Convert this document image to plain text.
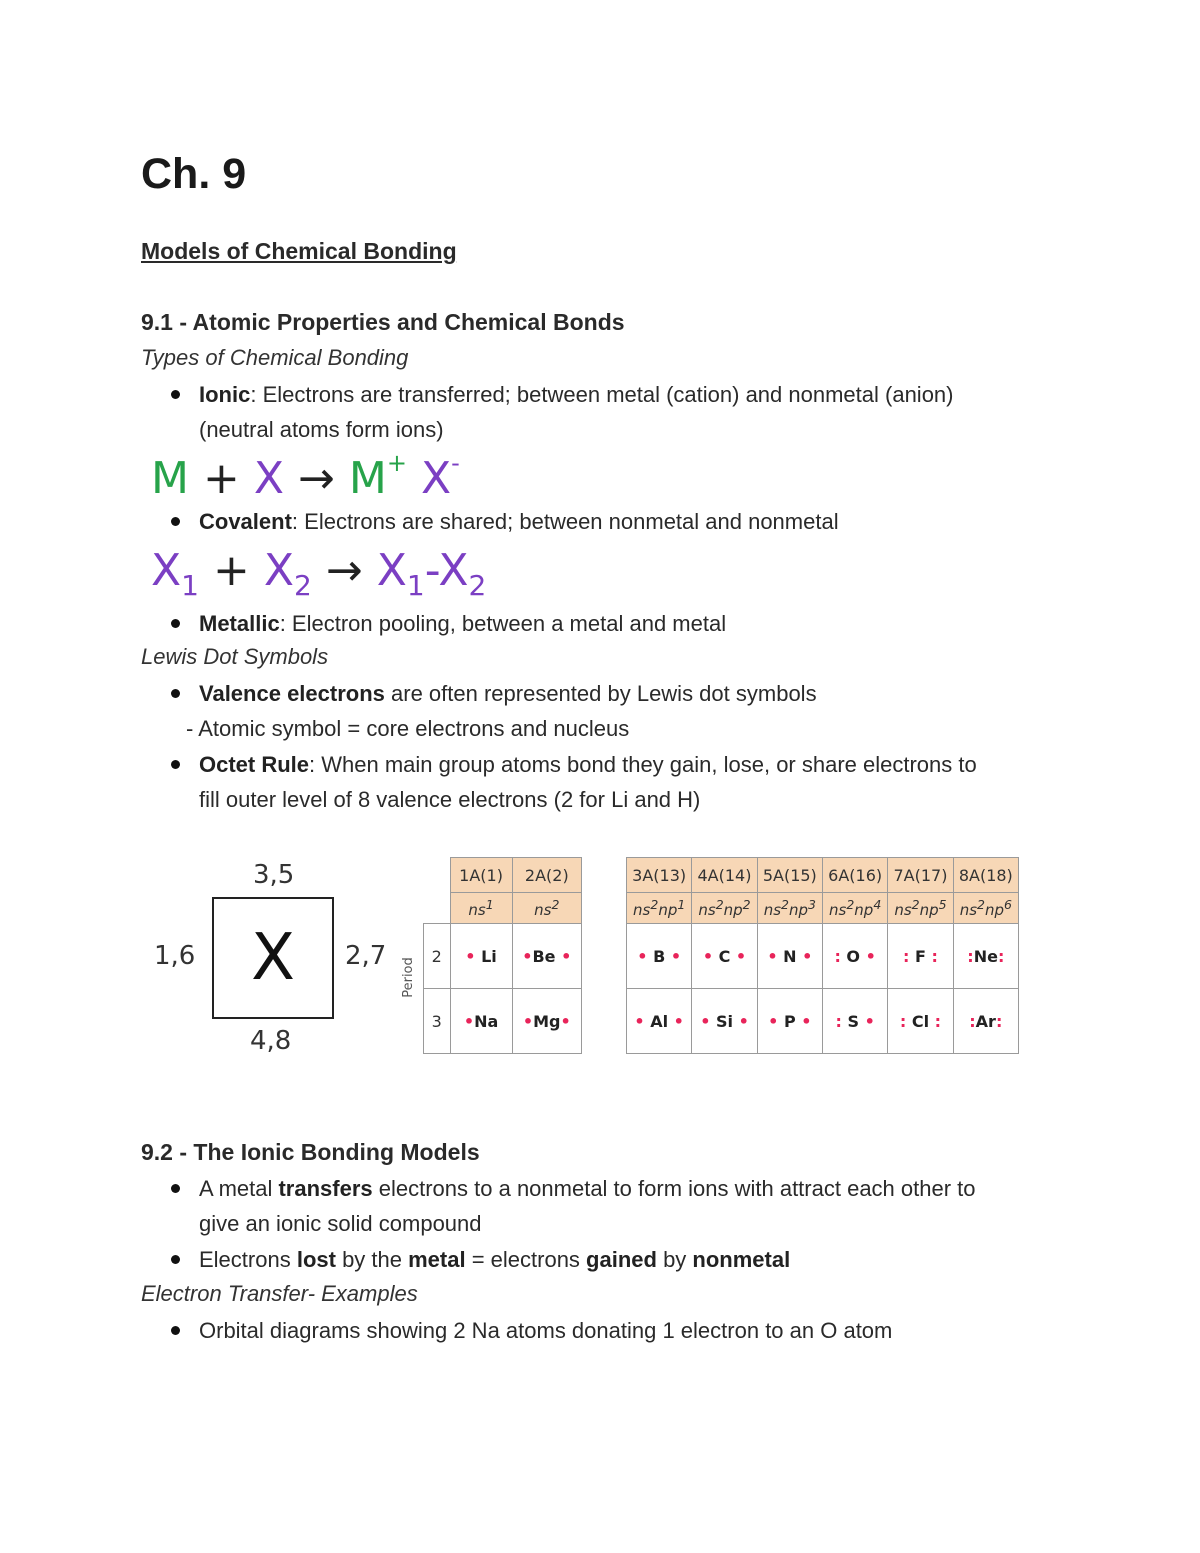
Ch. 9
Models of Chemical Bonding
9.1 - Atomic Properties and Chemical Bonds
Types of Chemical Bonding
Ionic: Electrons are transferred; between metal (cation) and nonmetal (anion)
(neutral atoms form ions)
M + X → M+ X-
Covalent: Electrons are shared; between nonmetal and nonmetal
$X_1 + X_2 \to X_1-X_2$
Metallic: Electron pooling, between a metal and metal
Lewis Dot Symbols
Valence electrons are often represented by Lewis dot symbols
- Atomic symbol = core electrons and nucleus
Octet Rule: When main group atoms bond they gain, lose, or share electrons to
fill outer level of 8 valence electrons (2 for Li and H)
3,5
1,6	2,7
4,8
X	Period
	1A(1)	2A(2)
	$ns^1$	$ns^2$
2	• Li	•Be •
3	•Na	•Mg•
3A(13)	4A(14)	5A(15)	6A(16)	7A(17)	8A(18)
$ns^2np^1$	$ns^2np^2$	$ns^2np^3$	$ns^2np^4$	$ns^2np^5$	$ns^2np^6$
• B •	• C •	• N •	: O •	: F :	:Ne:
• Al •	• Si •	• P •	: S •	: Cl :	:Ar:
9.2 - The Ionic Bonding Models
A metal transfers electrons to a nonmetal to form ions with attract each other to
give an ionic solid compound
Electrons lost by the metal = electrons gained by nonmetal
Electron Transfer- Examples
Orbital diagrams showing 2 Na atoms donating 1 electron to an O atom
